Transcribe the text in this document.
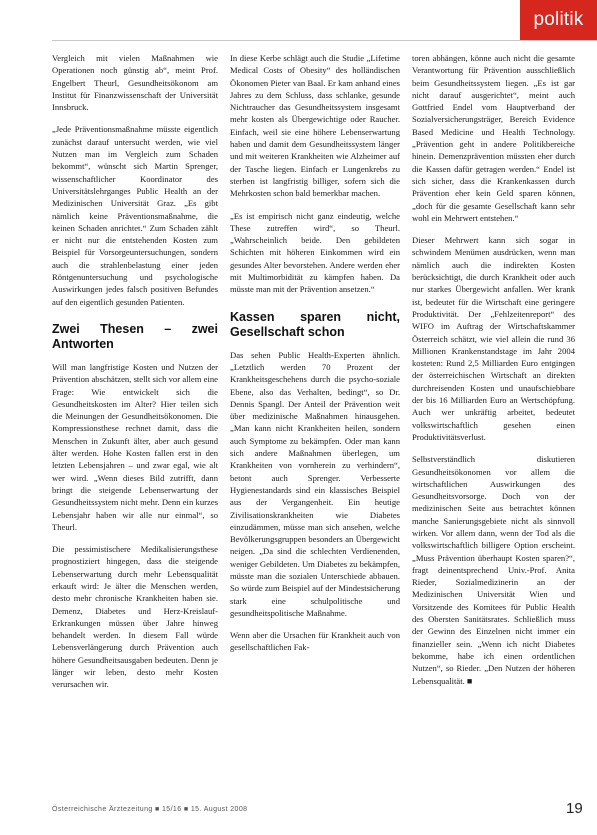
politik

Vergleich mit vielen Maßnahmen wie Operationen noch günstig ab“, meint Prof. Engelbert Theurl, Gesundheitsökonom am Institut für Finanzwissenschaft der Universität Innsbruck.

„Jede Präventionsmaßnahme müsste eigentlich zunächst darauf untersucht werden, wie viel Nutzen man im Vergleich zum Schaden bekommt“, wünscht sich Martin Sprenger, wissenschaftlicher Koordinator des Universitätslehrganges Public Health an der Medizinischen Universität Graz. „Es gibt nämlich keine Präventionsmaßnahme, die keinen Schaden anrichtet.“ Zum Schaden zählt er nicht nur die entstehenden Kosten zum Beispiel für Vorsorgeuntersuchungen, sondern auch die strahlenbelastung einer jeden Röntgenuntersuchung und psychologische Auswirkungen jedes falsch positiven Befundes auf den eigentlich gesunden Patienten.

Zwei Thesen – zwei Antworten

Will man langfristige Kosten und Nutzen der Prävention abschätzen, stellt sich vor allem eine Frage: Wie entwickelt sich die Gesundheitskosten im Alter? Hier teilen sich die Meinungen der Gesundheitsökonomen. Die Kompressionsthese rechnet damit, dass die Menschen in Zukunft älter, aber auch gesund älter werden. Hohe Kosten fallen erst in den letzten Lebensjahren – und zwar egal, wie alt wer wird. „Wenn dieses Bild zutrifft, dann bringt die steigende Lebenserwartung der Gesundheitssystem nicht mehr. Denn ein kurzes Lebensjahr haben wir alle nur einmal“, so Theurl.

Die pessimistischere Medikalisierungsthese prognostiziert hingegen, dass die steigende Lebenserwartung durch mehr Lebensqualität erkauft wird: Je älter die Menschen werden, desto mehr chronische Krankheiten haben sie. Demenz, Diabetes und Herz-Kreislauf-Erkrankungen müssen über Jahre hinweg behandelt werden. In diesem Fall würde Lebensverlängerung durch Prävention auch höhere Gesundheitsausgaben bedeuten. Denn je länger wir leben, desto mehr Kosten verursachen wir.

In diese Kerbe schlägt auch die Studie „Lifetime Medical Costs of Obesity“ des holländischen Ökonomen Pieter van Baal. Er kam anhand eines Jahres zu dem Schluss, dass schlanke, gesunde Nichtraucher das Gesundheitssystem insgesamt mehr kosten als Übergewichtige oder Raucher. Einfach, weil sie eine höhere Lebenserwartung haben und damit dem Gesundheitssystem länger und mit weiteren Krankheiten wie Alzheimer auf der Tasche liegen. Einfach er Lungenkrebs zu sterben ist langfristig billiger, sofern sich die Mehrkosten schon bald bemerkbar machen.

„Es ist empirisch nicht ganz eindeutig, welche These zutreffen wird“, so Theurl. „Wahrscheinlich beide. Den gebildeten Schichten mit höheren Einkommen wird ein gesundes Alter bevorstehen. Andere werden eher mit Multimorbidität zu kämpfen haben. Da müsste man mit der Prävention ansetzen.“

Kassen sparen nicht, Gesellschaft schon

Das sehen Public Health-Experten ähnlich. „Letztlich werden 70 Prozent der Krankheitsgeschehens durch die psycho-soziale Ebene, also das Verhalten, bedingt“, so Dr. Dennis Spangl. Der Anteil der Prävention weit über medizinische Maßnahmen hinausgehen. „Man kann nicht Krankheiten heilen, sondern auch Symptome zu bekämpfen. Oder man kann sich andere Maßnahmen überlegen, um Krankheiten von vornherein zu verhindern“, betont auch Sprenger. Verbesserte Hygienestandards sind ein klassisches Beispiel aus der Vergangenheit. Ein heutige Zivilisationskrankheiten wie Diabetes einzudämmen, müsse man sich ansehen, welche Bevölkerungsgruppen besonders an Übergewicht neigen. „Da sind die schlechten Verdienenden, weniger Gebildeten. Um Diabetes zu bekämpfen, müsste man die sozialen Unterschiede abbauen. So würde zum Beispiel auf der Mindestsicherung stark eine schulpolitische und gesundheitspolitische Maßnahme.

Wenn aber die Ursachen für Krankheit auch von gesellschaftlichen Fak-

toren abhängen, könne auch nicht die gesamte Verantwortung für Prävention ausschließlich beim Gesundheitssystem liegen. „Es ist gar nicht darauf ausgerichtet“, meint auch Gottfried Endel vom Hauptverband der Sozialversicherungsträger, Bereich Evidence Based Medicine und Health Technology. „Prävention geht in andere Politikbereiche hinein. Demenzprävention müssten eher durch die Kassen dafür getragen werden.“ Endel ist sich sicher, dass die Krankenkassen durch Prävention eher kein Geld sparen können, „doch für die gesamte Gesellschaft kann sehr wohl ein Mehrwert entstehen.“

Dieser Mehrwert kann sich sogar in schwindem Menümen ausdrücken, wenn man nämlich auch die indirekten Kosten berücksichtigt, die durch Krankheit oder auch nur starkes Übergewicht anfallen. Wer krank ist, bedeutet für die Wirtschaft eine geringere Produktivität. Der „Fehlzeitenreport“ des WIFO im Auftrag der Wirtschaftskammer Österreich schätzt, wie viel allein die rund 36 Millionen Krankenstandstage im Jahr 2004 kosteten: Rund 2,5 Milliarden Euro entgingen der österreichischen Wirtschaft an direkten durchreisenden Kosten und unaufschiebbare der bis 16 Milliarden Euro an Wertschöpfung. Auch wer unkräftig arbeitet, bedeutet volkswirtschaftlich gesehen einen Produktivitätsverlust.

Selbstverständlich diskutieren Gesundheitsökonomen vor allem die wirtschaftlichen Auswirkungen des Gesundheitsvorsorge. Doch von der medizinischen Seite aus betrachtet können manche Sanierungsgebiete nicht als sinnvoll wirken. Vor allem dann, wenn der Tod als die volkswirtschaftlich billigere Option erscheint. „Muss Prävention überhaupt Kosten sparen?“, fragt deinentsprechend Univ.-Prof. Anita Rieder, Sozialmedizinerin an der Medizinischen Universität Wien und Vorsitzende des Komitees für Public Health des Obersten Sanitätsrates. Schließlich muss der Gewinn des Einzelnen nicht immer ein finanzieller sein. „Wenn ich nicht Diabetes bekomme, habe ich einen ordentlichen Nutzen“, so Rieder. „Den Nutzen der höheren Lebensqualität. ■

Österreichische Ärztezeitung ■ 15/16 ■ 15. August 2008	19
